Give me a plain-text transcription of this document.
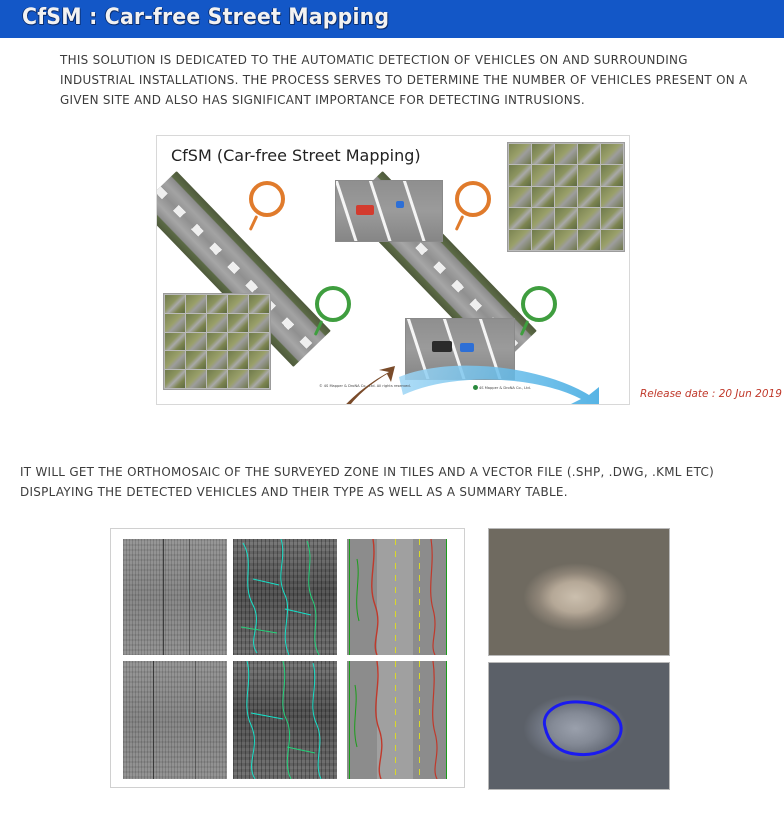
CfSM : Car-free Street Mapping
THIS SOLUTION IS DEDICATED TO THE AUTOMATIC DETECTION OF VEHICLES ON AND SURROUNDING INDUSTRIAL INSTALLATIONS. THE PROCESS SERVES TO DETERMINE THE NUMBER OF VEHICLES PRESENT ON A GIVEN SITE AND ALSO HAS SIGNIFICANT IMPORTANCE FOR DETECTING INTRUSIONS.
CfSM (Car-free Street Mapping)

© 4S Mapper & DroNA Co., Ltd. All rights reserved.	4S Mapper & DroNA Co., Ltd.	Release date : 20 Jun 2019
IT WILL GET THE ORTHOMOSAIC OF THE SURVEYED ZONE IN TILES AND A VECTOR FILE (.SHP, .DWG, .KML ETC) DISPLAYING THE DETECTED VEHICLES AND THEIR TYPE AS WELL AS A SUMMARY TABLE.
